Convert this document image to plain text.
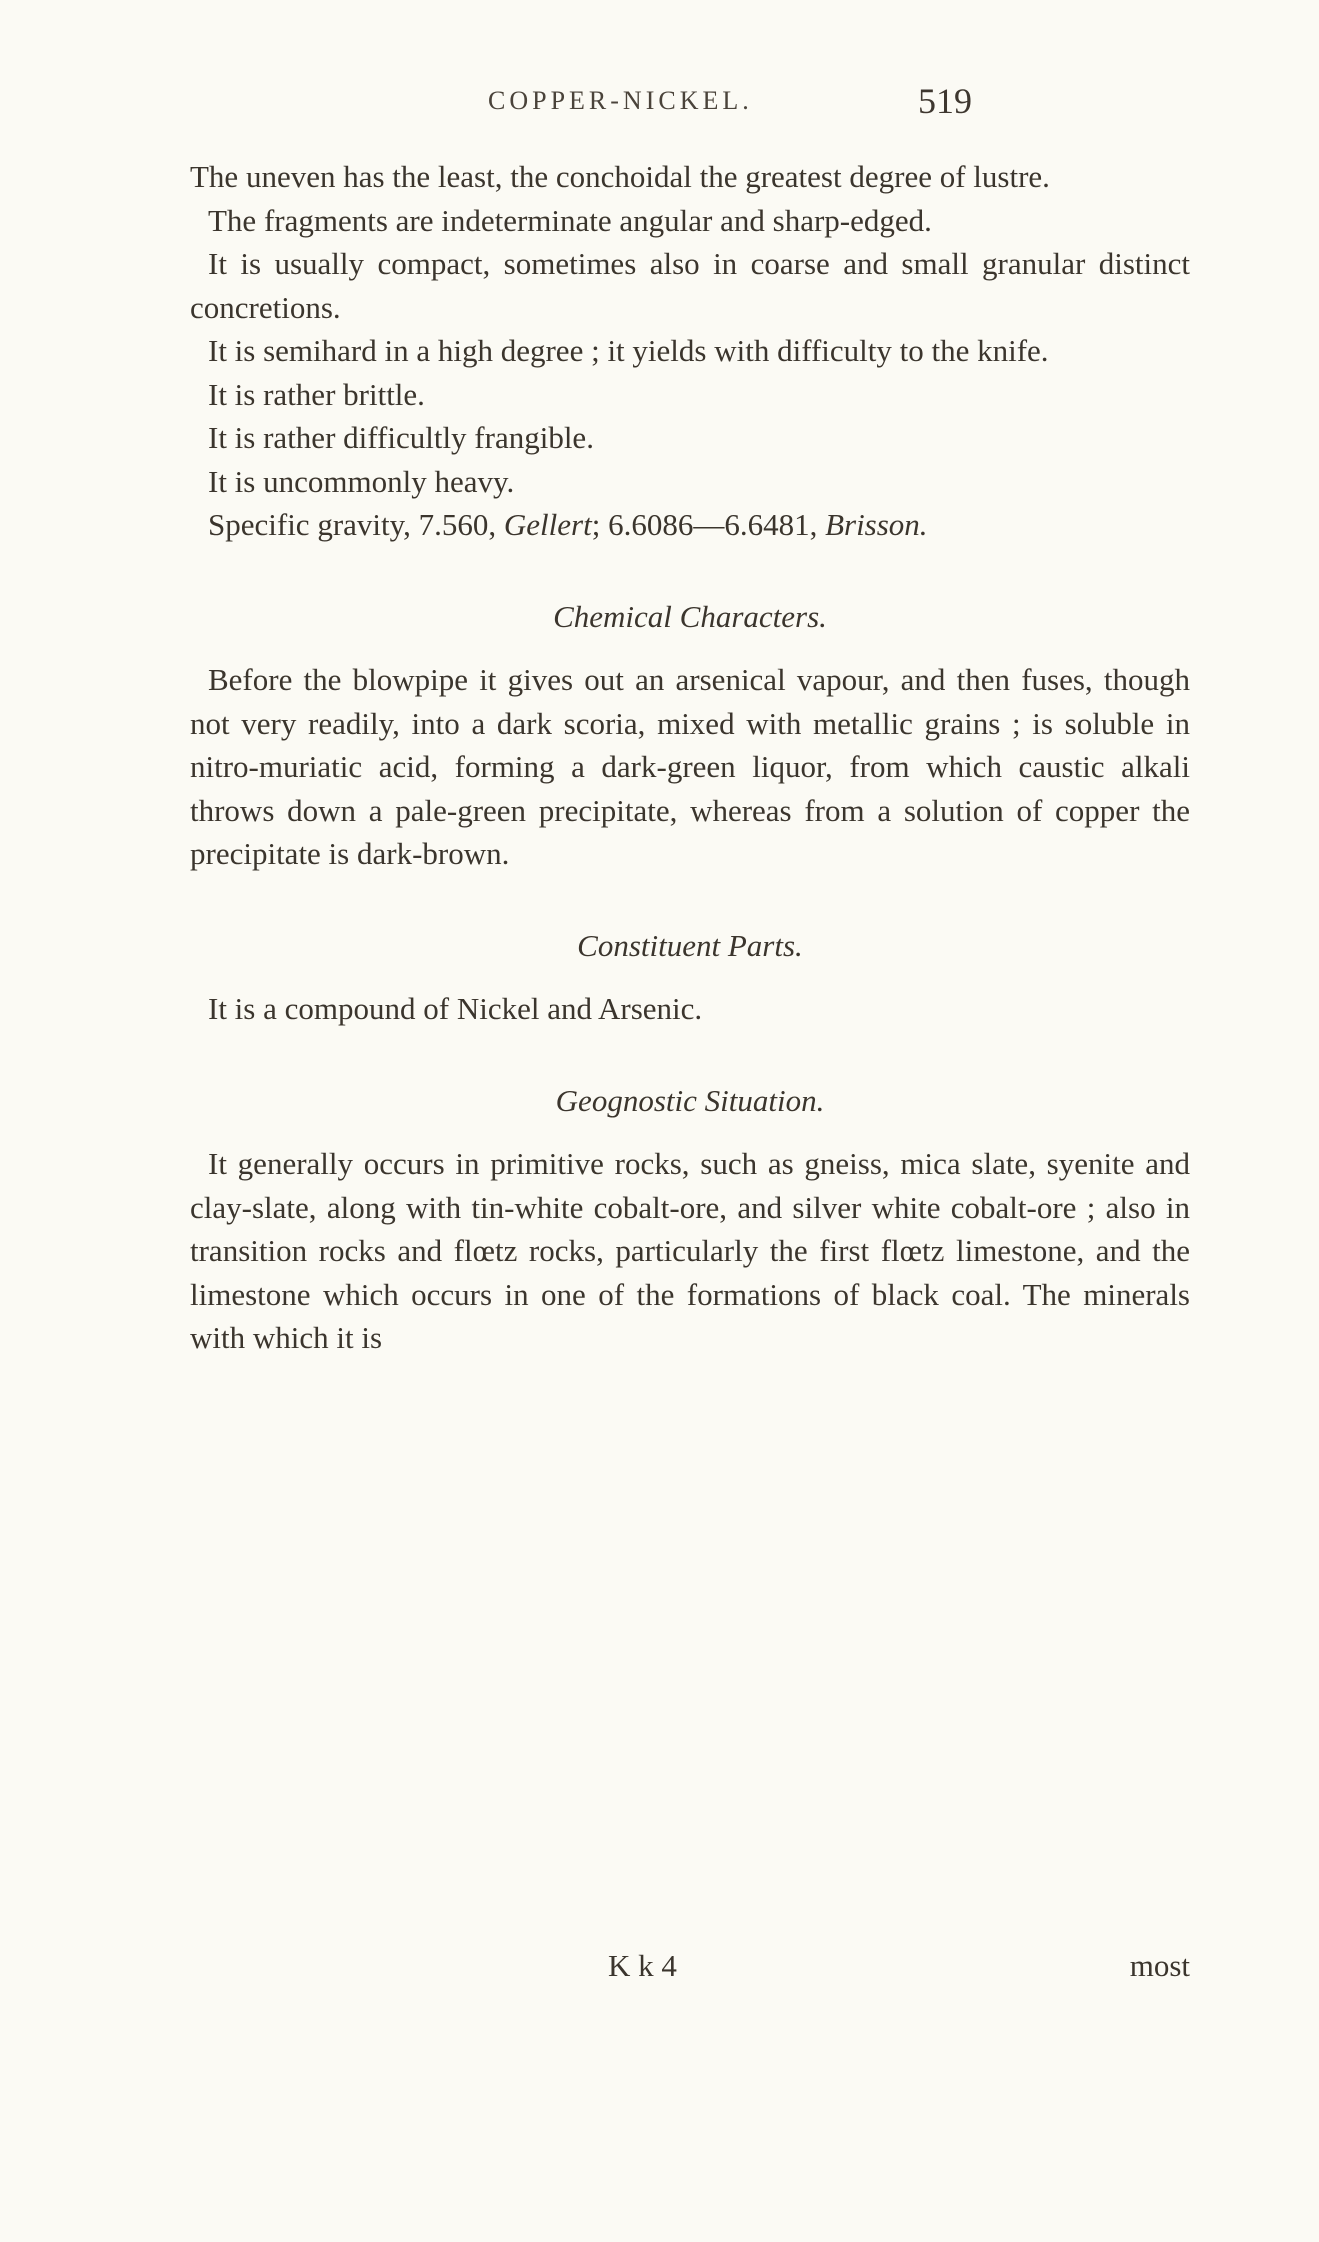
COPPER-NICKEL.	519

The uneven has the least, the conchoidal the greatest degree of lustre.

The fragments are indeterminate angular and sharp-edged.

It is usually compact, sometimes also in coarse and small granular distinct concretions.

It is semihard in a high degree ; it yields with difficulty to the knife.

It is rather brittle.

It is rather difficultly frangible.

It is uncommonly heavy.

Specific gravity, 7.560, Gellert; 6.6086—6.6481, Brisson.

Chemical Characters.

Before the blowpipe it gives out an arsenical vapour, and then fuses, though not very readily, into a dark scoria, mixed with metallic grains ; is soluble in nitro-muriatic acid, forming a dark-green liquor, from which caustic alkali throws down a pale-green precipitate, whereas from a solution of copper the precipitate is dark-brown.

Constituent Parts.

It is a compound of Nickel and Arsenic.

Geognostic Situation.

It generally occurs in primitive rocks, such as gneiss, mica slate, syenite and clay-slate, along with tin-white cobalt-ore, and silver white cobalt-ore ; also in transition rocks and flœtz rocks, particularly the first flœtz limestone, and the limestone which occurs in one of the formations of black coal. The minerals with which it is

K k 4	most
